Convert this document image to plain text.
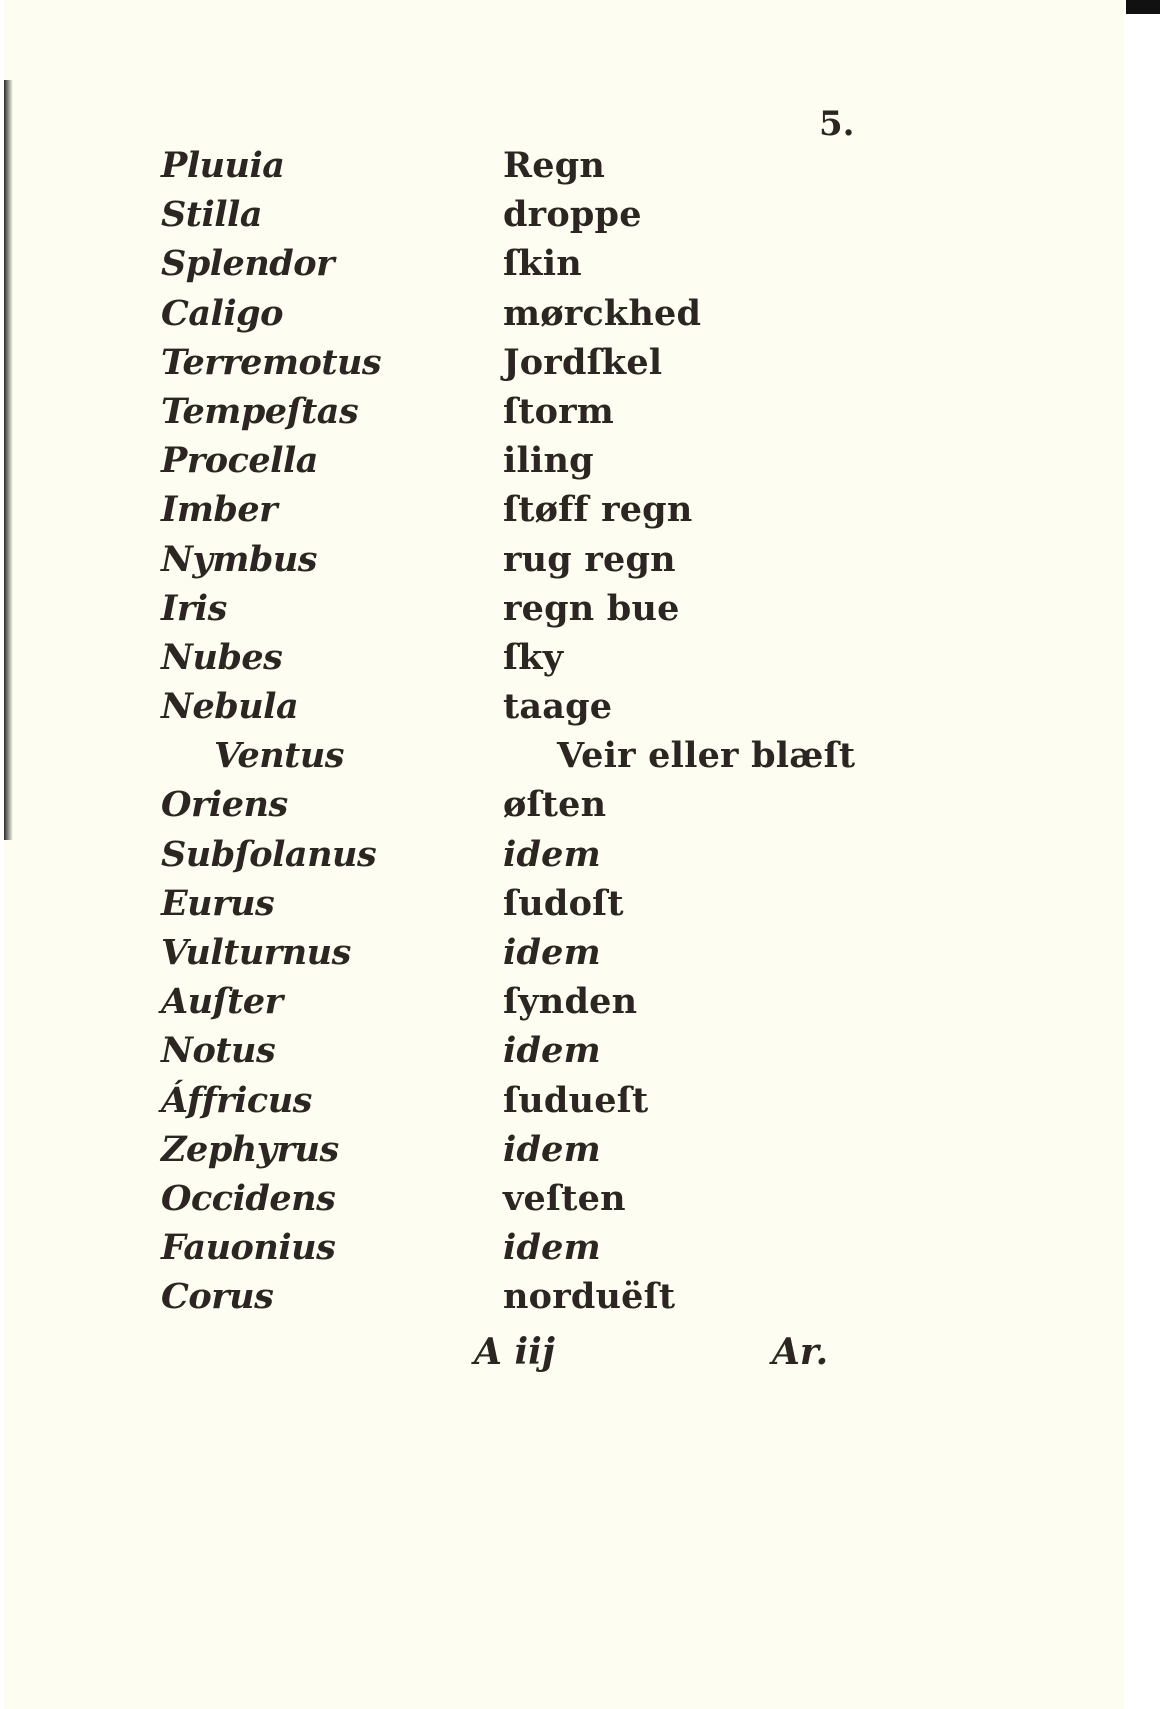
5.
Pluuia	Regn
Stilla	droppe
Splendor	ſkin
Caligo	mørckhed
Terremotus	Jordſkel
Tempeſtas	ſtorm
Procella	iling
Imber	ſtøff regn
Nymbus	rug regn
Iris	regn bue
Nubes	ſky
Nebula	taage
Ventus	Veir eller blæſt
Oriens	øſten
Subſolanus	idem
Eurus	ſudoſt
Vulturnus	idem
Auſter	ſynden
Notus	idem
Áffricus	ſudueſt
Zephyrus	idem
Occidens	veſten
Fauonius	idem
Corus	norduëſt
A iij	Ar.
